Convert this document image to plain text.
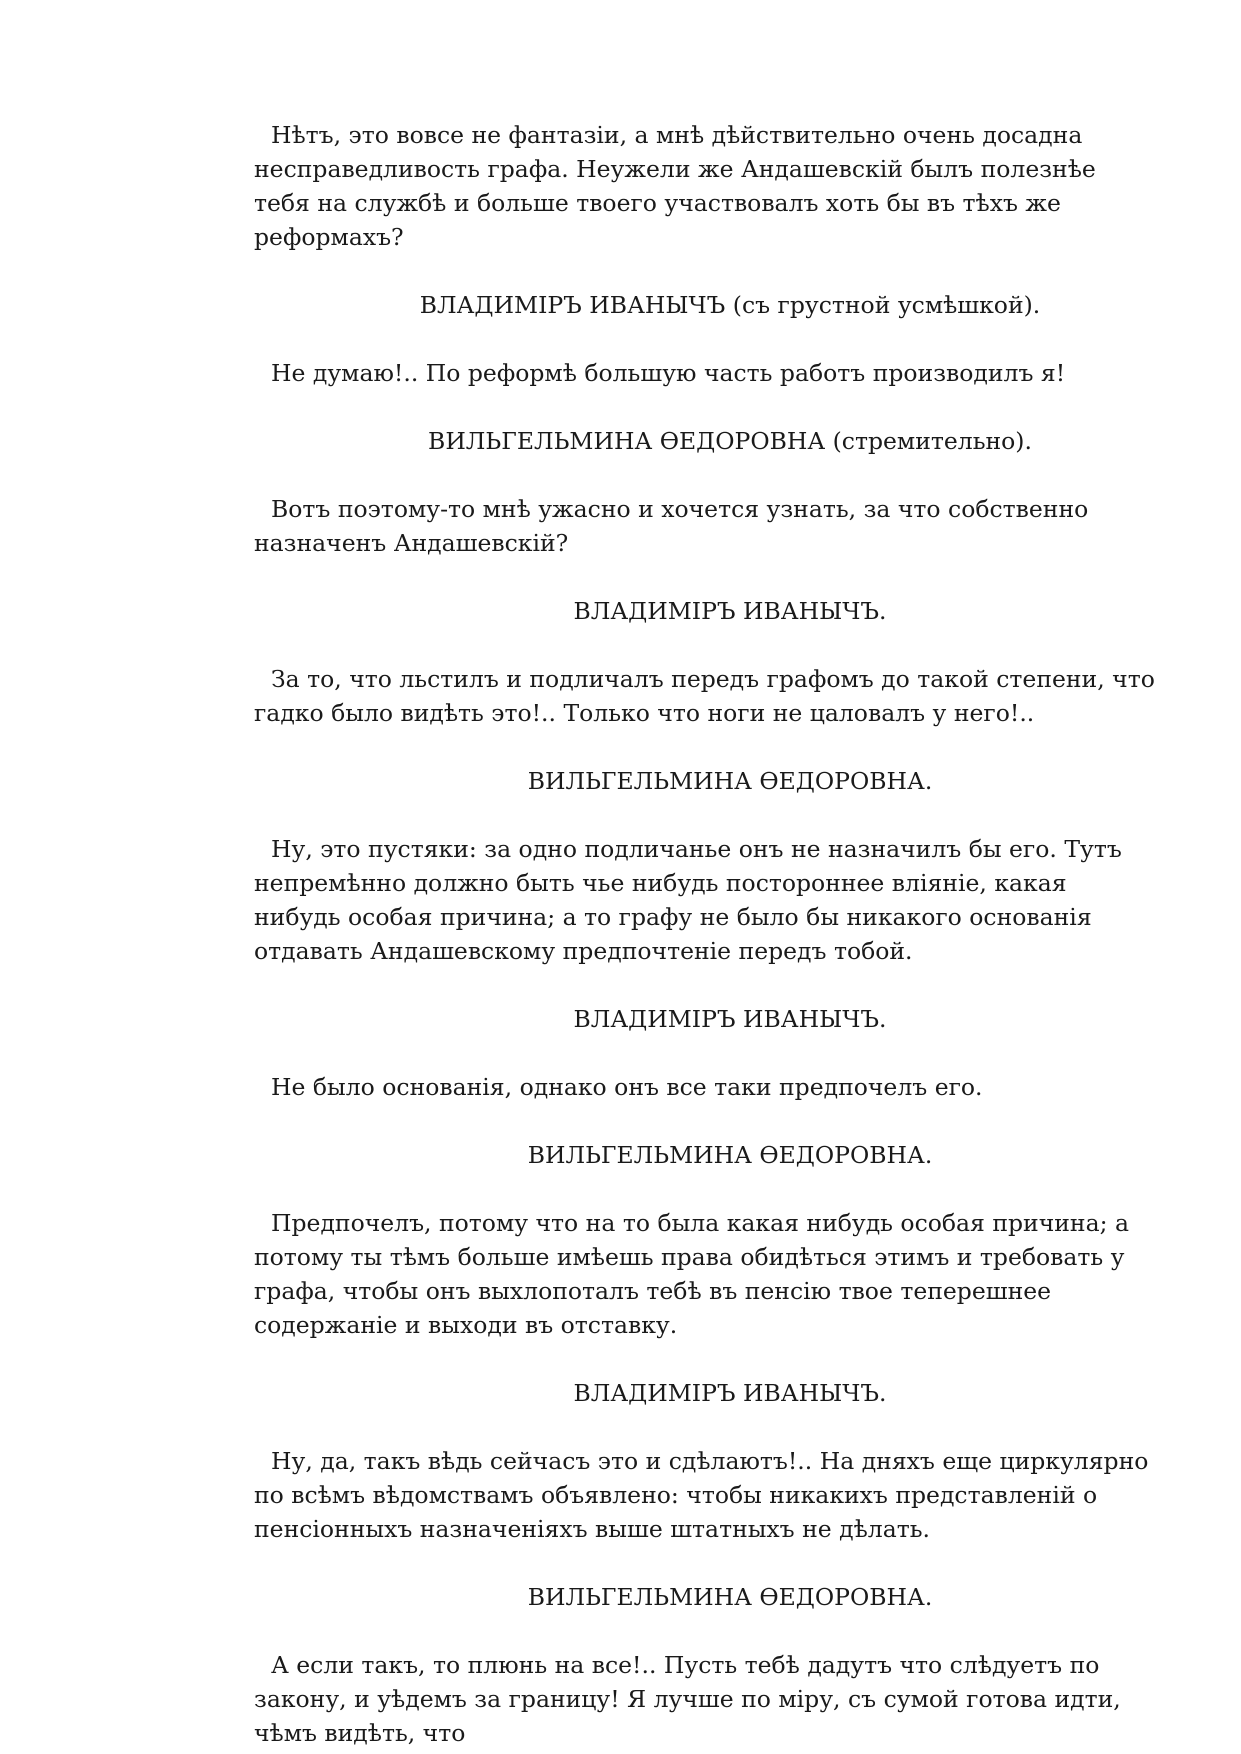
Нѣтъ, это вовсе не фантазіи, а мнѣ дѣйствительно очень досадна несправедливость графа. Неужели же Андашевскій былъ полезнѣе тебя на службѣ и больше твоего участвовалъ хоть бы въ тѣхъ же реформахъ?

ВЛАДИМІРЪ ИВАНЫЧЪ (съ грустной усмѣшкой).

Не думаю!.. По реформѣ большую часть работъ производилъ я!

ВИЛЬГЕЛЬМИНА ѲЕДОРОВНА (стремительно).

Вотъ поэтому-то мнѣ ужасно и хочется узнать, за что собственно назначенъ Андашевскій?

ВЛАДИМІРЪ ИВАНЫЧЪ.

За то, что льстилъ и подличалъ передъ графомъ до такой степени, что гадко было видѣть это!.. Только что ноги не цаловалъ у него!..

ВИЛЬГЕЛЬМИНА ѲЕДОРОВНА.

Ну, это пустяки: за одно подличанье онъ не назначилъ бы его. Тутъ непремѣнно должно быть чье нибудь постороннее вліяніе, какая нибудь особая причина; а то графу не было бы никакого основанія отдавать Андашевскому предпочтеніе передъ тобой.

ВЛАДИМІРЪ ИВАНЫЧЪ.

Не было основанія, однако онъ все таки предпочелъ его.

ВИЛЬГЕЛЬМИНА ѲЕДОРОВНА.

Предпочелъ, потому что на то была какая нибудь особая причина; а потому ты тѣмъ больше имѣешь права обидѣться этимъ и требовать у графа, чтобы онъ выхлопоталъ тебѣ въ пенсію твое теперешнее содержаніе и выходи въ отставку.

ВЛАДИМІРЪ ИВАНЫЧЪ.

Ну, да, такъ вѣдь сейчасъ это и сдѣлаютъ!.. На дняхъ еще циркулярно по всѣмъ вѣдомствамъ объявлено: чтобы никакихъ представленій о пенсіонныхъ назначеніяхъ выше штатныхъ не дѣлать.

ВИЛЬГЕЛЬМИНА ѲЕДОРОВНА.

А если такъ, то плюнь на все!.. Пусть тебѣ дадутъ что слѣдуетъ по закону, и уѣдемъ за границу! Я лучше по міру, съ сумой готова идти, чѣмъ видѣть, что
